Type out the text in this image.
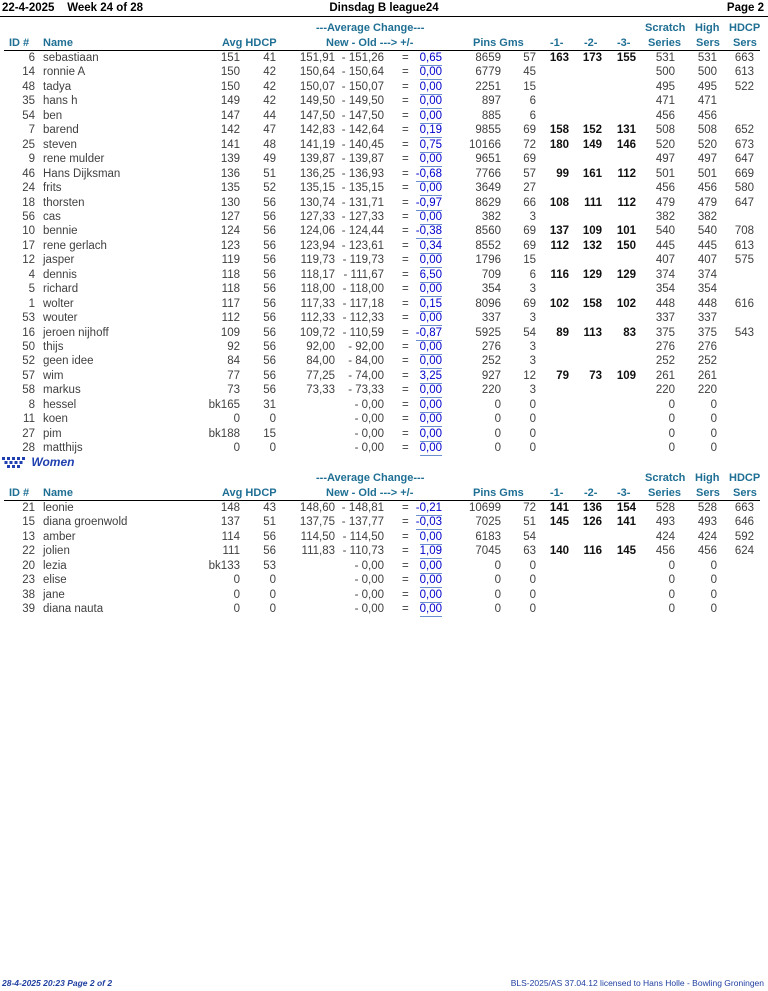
22-4-2025 Week 24 of 28	Dinsdag B league24	Page 2
---Average Change---	Scratch High HDCP
ID # Name	Avg HDCP	New - Old ---> +/-	Pins Gms -1- -2- -3- Series Sers Sers
6 sebastiaan	151 41 151,91 - 151,26 = 0,65	8659 57 163 173 155 531 531 663
14 ronnie A	150 42 150,64 - 150,64 = 0,00	6779 45	500 500 613
48 tadya	150 42 150,07 - 150,07 = 0,00	2251 15	495 495 522
35 hans h	149 42 149,50 - 149,50 = 0,00	897 6	471 471
54 ben	147 44 147,50 - 147,50 = 0,00	885 6	456 456
7 barend	142 47 142,83 - 142,64 = 0,19	9855 69 158 152 131 508 508 652
25 steven	141 48 141,19 - 140,45 = 0,75 10166 72 180 149 146 520 520 673
9 rene mulder	139 49 139,87 - 139,87 = 0,00	9651 69	497 497 647
46 Hans Dijksman	136 51 136,25 - 136,93 = -0,68	7766 57 99 161 112 501 501 669
24 frits	135 52 135,15 - 135,15 = 0,00	3649 27	456 456 580
18 thorsten	130 56 130,74 - 131,71 = -0,97	8629 66 108 111 112 479 479 647
56 cas	127 56 127,33 - 127,33 = 0,00	382 3	382 382
10 bennie	124 56 124,06 - 124,44 = -0,38	8560 69 137 109 101 540 540 708
17 rene gerlach	123 56 123,94 - 123,61 = 0,34	8552 69 112 132 150 445 445 613
12 jasper	119 56 119,73 - 119,73 = 0,00	1796 15	407 407 575
4 dennis	118 56 118,17 - 111,67 = 6,50	709 6 116 129 129 374 374
5 richard	118 56 118,00 - 118,00 = 0,00	354 3	354 354
1 wolter	117 56 117,33 - 117,18 = 0,15	8096 69 102 158 102 448 448 616
53 wouter	112 56 112,33 - 112,33 = 0,00	337 3	337 337
16 jeroen nijhoff	109 56 109,72 - 110,59 = -0,87	5925 54 89 113 83 375 375 543
50 thijs	92 56	92,00 - 92,00 = 0,00	276 3	276 276
52 geen idee	84 56	84,00 - 84,00 = 0,00	252 3	252 252
57 wim	77 56	77,25 - 74,00 = 3,25	927 12 79 73 109 261 261
58 markus	73 56	73,33 - 73,33 = 0,00	220 3	220 220
8 hessel	bk165 31	- 0,00 = 0,00	0 0	0	0
11 koen	0	0	- 0,00 = 0,00	0 0	0	0
27 pim	bk188 15	- 0,00 = 0,00	0 0	0	0
28 matthijs	0	0	- 0,00 = 0,00	0 0	0	0
Women
---Average Change---	Scratch High HDCP
ID # Name	Avg HDCP	New - Old ---> +/-	Pins Gms -1- -2- -3- Series Sers Sers
21 leonie	148 43 148,60 - 148,81 = -0,21 10699 72 141 136 154 528 528 663
15 diana groenwold	137 51 137,75 - 137,77 = -0,03	7025 51 145 126 141 493 493 646
13 amber	114 56 114,50 - 114,50 = 0,00	6183 54	424 424 592
22 jolien	111 56 111,83 - 110,73 = 1,09	7045 63 140 116 145 456 456 624
20 lezia	bk133 53	- 0,00 = 0,00	0 0	0	0
23 elise	0	0	- 0,00 = 0,00	0 0	0	0
38 jane	0	0	- 0,00 = 0,00	0 0	0	0
39 diana nauta	0	0	- 0,00 = 0,00	0 0	0	0
28-4-2025 20:23 Page 2 of 2	BLS-2025/AS 37.04.12 licensed to Hans Holle - Bowling Groningen
